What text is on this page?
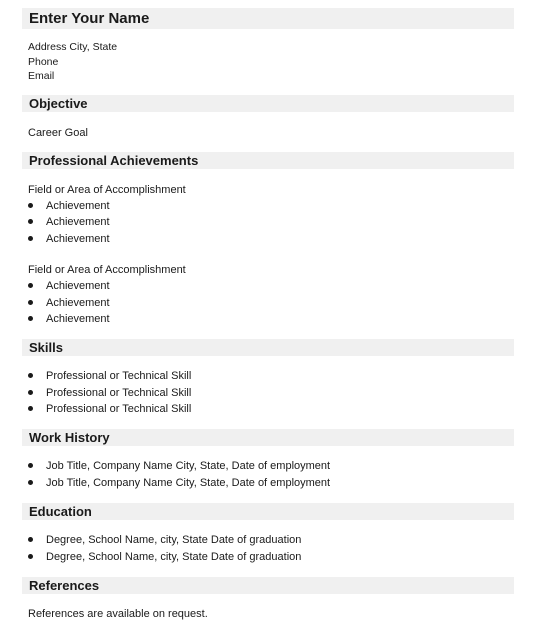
Enter Your Name
Address City, State
Phone
Email
Objective
Career Goal
Professional Achievements
Field or Area of Accomplishment
Achievement
Achievement
Achievement
Field or Area of Accomplishment
Achievement
Achievement
Achievement
Skills
Professional or Technical Skill
Professional or Technical Skill
Professional or Technical Skill
Work History
Job Title, Company Name City, State, Date of employment
Job Title, Company Name City, State, Date of employment
Education
Degree, School Name, city, State Date of graduation
Degree, School Name, city, State Date of graduation
References
References are available on request.
